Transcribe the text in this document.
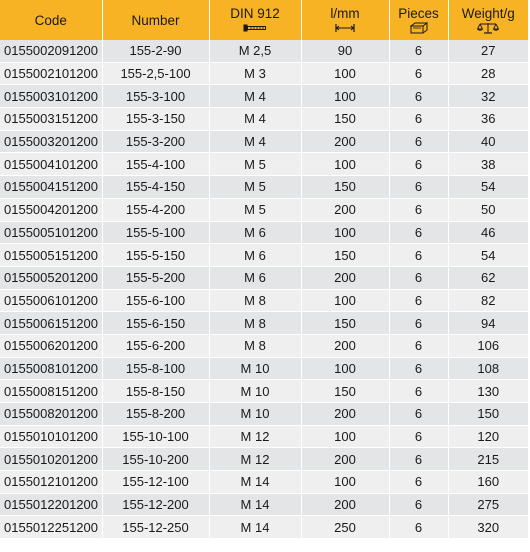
Code	Number	DIN 912	l/mm	Pieces	Weight/g

0155002091200	155-2-90	M 2,5	90	6	27
0155002101200	155-2,5-100	M 3	100	6	28
0155003101200	155-3-100	M 4	100	6	32
0155003151200	155-3-150	M 4	150	6	36
0155003201200	155-3-200	M 4	200	6	40
0155004101200	155-4-100	M 5	100	6	38
0155004151200	155-4-150	M 5	150	6	54
0155004201200	155-4-200	M 5	200	6	50
0155005101200	155-5-100	M 6	100	6	46
0155005151200	155-5-150	M 6	150	6	54
0155005201200	155-5-200	M 6	200	6	62
0155006101200	155-6-100	M 8	100	6	82
0155006151200	155-6-150	M 8	150	6	94
0155006201200	155-6-200	M 8	200	6	106
0155008101200	155-8-100	M 10	100	6	108
0155008151200	155-8-150	M 10	150	6	130
0155008201200	155-8-200	M 10	200	6	150
0155010101200	155-10-100	M 12	100	6	120
0155010201200	155-10-200	M 12	200	6	215
0155012101200	155-12-100	M 14	100	6	160
0155012201200	155-12-200	M 14	200	6	275
0155012251200	155-12-250	M 14	250	6	320
